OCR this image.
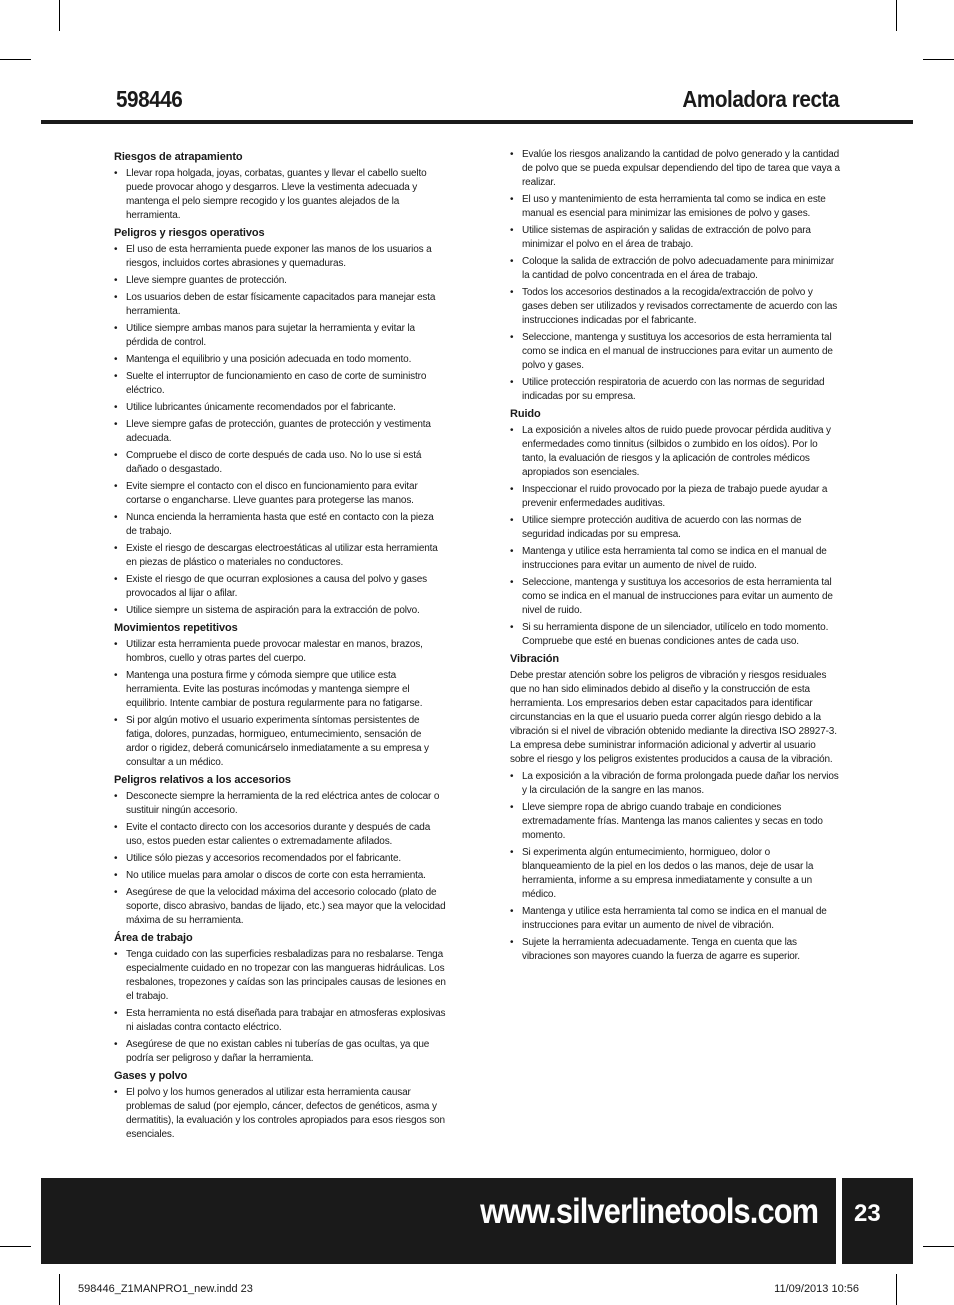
598446	Amoladora recta
Riesgos de atrapamiento
• Llevar ropa holgada, joyas, corbatas, guantes y llevar el cabello suelto puede provocar ahogo y desgarros. Lleve la vestimenta adecuada y mantenga el pelo siempre recogido y los guantes alejados de la herramienta.
Peligros y riesgos operativos
• El uso de esta herramienta puede exponer las manos de los usuarios a riesgos, incluidos cortes abrasiones y quemaduras.
• Lleve siempre guantes de protección.
• Los usuarios deben de estar físicamente capacitados para manejar esta herramienta.
• Utilice siempre ambas manos para sujetar la herramienta y evitar la pérdida de control.
• Mantenga el equilibrio y una posición adecuada en todo momento.
• Suelte el interruptor de funcionamiento en caso de corte de suministro eléctrico.
• Utilice lubricantes únicamente recomendados por el fabricante.
• Lleve siempre gafas de protección, guantes de protección y vestimenta adecuada.
• Compruebe el disco de corte después de cada uso. No lo use si está dañado o desgastado.
• Evite siempre el contacto con el disco en funcionamiento para evitar cortarse o engancharse. Lleve guantes para protegerse las manos.
• Nunca encienda la herramienta hasta que esté en contacto con la pieza de trabajo.
• Existe el riesgo de descargas electroestáticas al utilizar esta herramienta en piezas de plástico o materiales no conductores.
• Existe el riesgo de que ocurran explosiones a causa del polvo y gases provocados al lijar o afilar.
• Utilice siempre un sistema de aspiración para la extracción de polvo.
Movimientos repetitivos
• Utilizar esta herramienta puede provocar malestar en manos, brazos, hombros, cuello y otras partes del cuerpo.
• Mantenga una postura firme y cómoda siempre que utilice esta herramienta. Evite las posturas incómodas y mantenga siempre el equilibrio. Intente cambiar de postura regularmente para no fatigarse.
• Si por algún motivo el usuario experimenta síntomas persistentes de fatiga, dolores, punzadas, hormigueo, entumecimiento, sensación de ardor o rigidez, deberá comunicárselo inmediatamente a su empresa y consultar a un médico.
Peligros relativos a los accesorios
• Desconecte siempre la herramienta de la red eléctrica antes de colocar o sustituir ningún accesorio.
• Evite el contacto directo con los accesorios durante y después de cada uso, estos pueden estar calientes o extremadamente afilados.
• Utilice sólo piezas y accesorios recomendados por el fabricante.
• No utilice muelas para amolar o discos de corte con esta herramienta.
• Asegúrese de que la velocidad máxima del accesorio colocado (plato de soporte, disco abrasivo, bandas de lijado, etc.) sea mayor que la velocidad máxima de su herramienta.
Área de trabajo
• Tenga cuidado con las superficies resbaladizas para no resbalarse. Tenga especialmente cuidado en no tropezar con las mangueras hidráulicas. Los resbalones, tropezones y caídas son las principales causas de lesiones en el trabajo.
• Esta herramienta no está diseñada para trabajar en atmosferas explosivas ni aisladas contra contacto eléctrico.
• Asegúrese de que no existan cables ni tuberías de gas ocultas, ya que podría ser peligroso y dañar la herramienta.
Gases y polvo
• El polvo y los humos generados al utilizar esta herramienta causar problemas de salud (por ejemplo, cáncer, defectos de genéticos, asma y dermatitis), la evaluación y los controles apropiados para esos riesgos son esenciales.
• Evalúe los riesgos analizando la cantidad de polvo generado y la cantidad de polvo que se pueda expulsar dependiendo del tipo de tarea que vaya a realizar.
• El uso y mantenimiento de esta herramienta tal como se indica en este manual es esencial para minimizar las emisiones de polvo y gases.
• Utilice sistemas de aspiración y salidas de extracción de polvo para minimizar el polvo en el área de trabajo.
• Coloque la salida de extracción de polvo adecuadamente para minimizar la cantidad de polvo concentrada en el área de trabajo.
• Todos los accesorios destinados a la recogida/extracción de polvo y gases deben ser utilizados y revisados correctamente de acuerdo con las instrucciones indicadas por el fabricante.
• Seleccione, mantenga y sustituya los accesorios de esta herramienta tal como se indica en el manual de instrucciones para evitar un aumento de polvo y gases.
• Utilice protección respiratoria de acuerdo con las normas de seguridad indicadas por su empresa.
Ruido
• La exposición a niveles altos de ruido puede provocar pérdida auditiva y enfermedades como tinnitus (silbidos o zumbido en los oídos). Por lo tanto, la evaluación de riesgos y la aplicación de controles médicos apropiados son esenciales.
• Inspeccionar el ruido provocado por la pieza de trabajo puede ayudar a prevenir enfermedades auditivas.
• Utilice siempre protección auditiva de acuerdo con las normas de seguridad indicadas por su empresa.
• Mantenga y utilice esta herramienta tal como se indica en el manual de instrucciones para evitar un aumento de nivel de ruido.
• Seleccione, mantenga y sustituya los accesorios de esta herramienta tal como se indica en el manual de instrucciones para evitar un aumento de nivel de ruido.
• Si su herramienta dispone de un silenciador, utilícelo en todo momento. Compruebe que esté en buenas condiciones antes de cada uso.
Vibración

Debe prestar atención sobre los peligros de vibración y riesgos residuales que no han sido eliminados debido al diseño y la construcción de esta herramienta. Los empresarios deben estar capacitados para identificar circunstancias en la que el usuario pueda correr algún riesgo debido a la vibración si el nivel de vibración obtenido mediante la directiva ISO 28927-3. La empresa debe suministrar información adicional y advertir al usuario sobre el riesgo y los peligros existentes producidos a causa de la vibración.

• La exposición a la vibración de forma prolongada puede dañar los nervios y la circulación de la sangre en las manos.
• Lleve siempre ropa de abrigo cuando trabaje en condiciones extremadamente frías. Mantenga las manos calientes y secas en todo momento.
• Si experimenta algún entumecimiento, hormigueo, dolor o blanqueamiento de la piel en los dedos o las manos, deje de usar la herramienta, informe a su empresa inmediatamente y consulte a un médico.
• Mantenga y utilice esta herramienta tal como se indica en el manual de instrucciones para evitar un aumento de nivel de vibración.
• Sujete la herramienta adecuadamente. Tenga en cuenta que las vibraciones son mayores cuando la fuerza de agarre es superior.
www.silverlinetools.com 23
598446_Z1MANPRO1_new.indd 23	11/09/2013 10:56
